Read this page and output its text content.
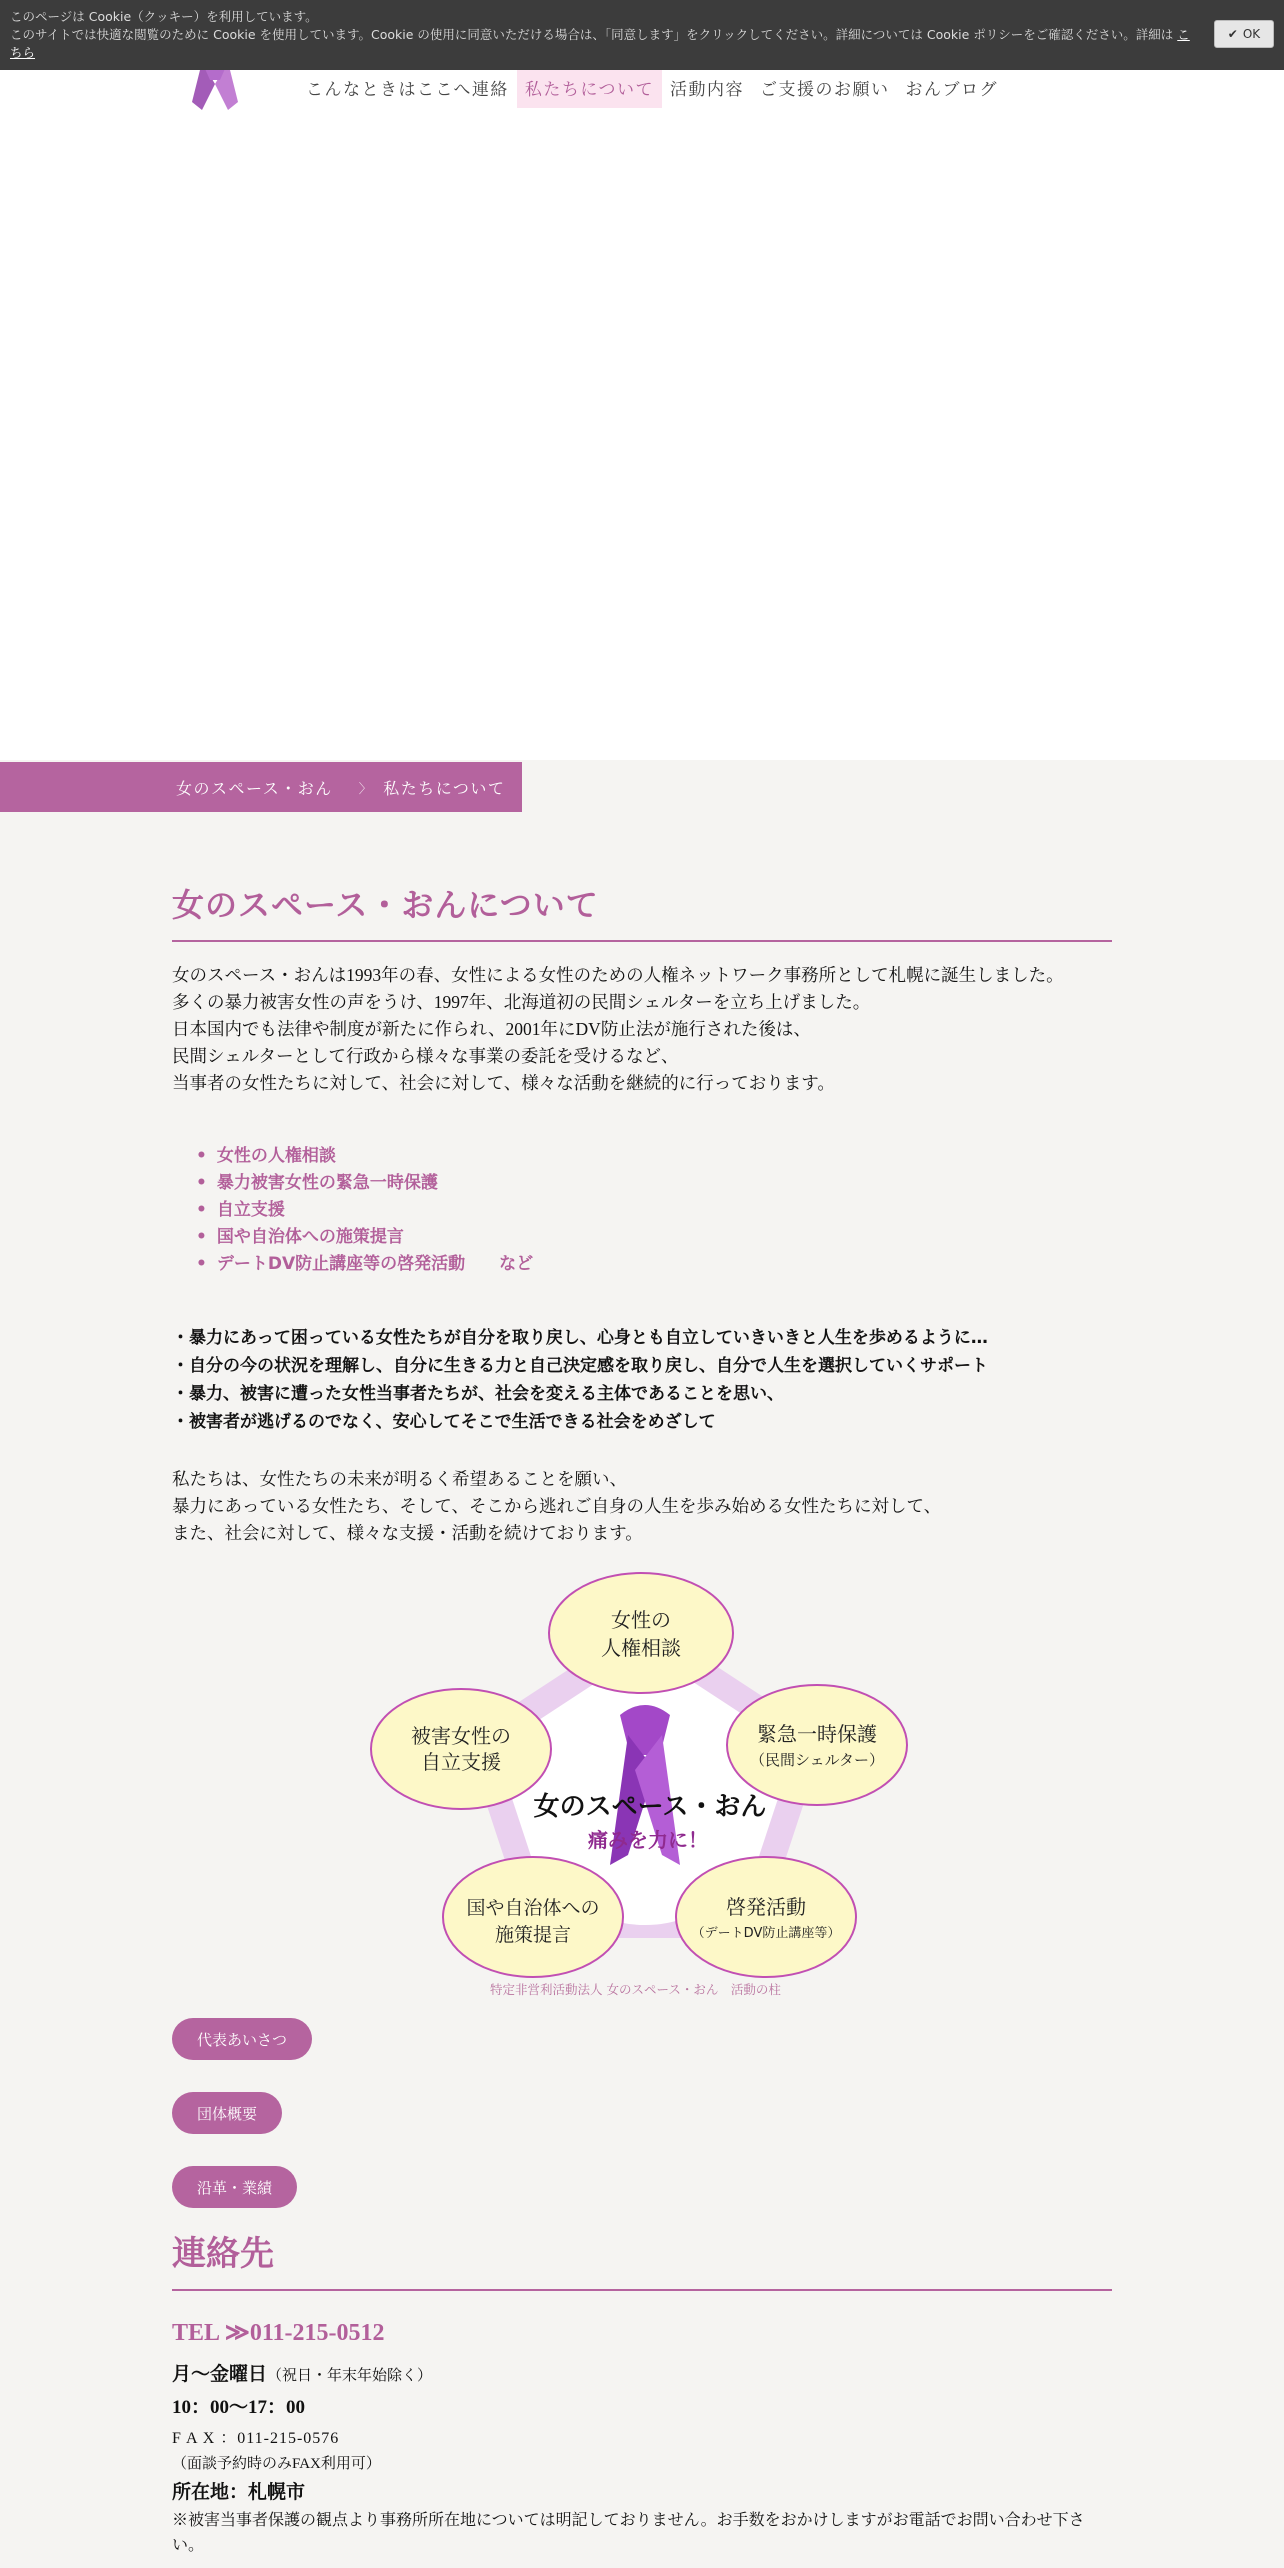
こんなときはここへ連絡 私たちについて 活動内容 ご支援のお願い おんブログ
このページは Cookie（クッキー）を利用しています。
このサイトでは快適な閲覧のために Cookie を使用しています。Cookie の使用に同意いただける場合は、「同意します」をクリックしてください。詳細については Cookie ポリシーをご確認ください。詳細は こちら
✔ OK
女のスペース・おん 〉 私たちについて
女のスペース・おんについて
女のスペース・おんは1993年の春、女性による女性のための人権ネットワーク事務所として札幌に誕生しました。
多くの暴力被害女性の声をうけ、1997年、北海道初の民間シェルターを立ち上げました。
日本国内でも法律や制度が新たに作られ、2001年にDV防止法が施行された後は、
民間シェルターとして行政から様々な事業の委託を受けるなど、
当事者の女性たちに対して、社会に対して、様々な活動を継続的に行っております。
• 女性の人権相談
• 暴力被害女性の緊急一時保護
• 自立支援
• 国や自治体への施策提言
• デートDV防止講座等の啓発活動　　など
・暴力にあって困っている女性たちが自分を取り戻し、心身とも自立していきいきと人生を歩めるように…
・自分の今の状況を理解し、自分に生きる力と自己決定感を取り戻し、自分で人生を選択していくサポート
・暴力、被害に遭った女性当事者たちが、社会を変える主体であることを思い、
・被害者が逃げるのでなく、安心してそこで生活できる社会をめざして
私たちは、女性たちの未来が明るく希望あることを願い、
暴力にあっている女性たち、そして、そこから逃れご自身の人生を歩み始める女性たちに対して、
また、社会に対して、様々な支援・活動を続けております。
女のスペース・おん
痛みを力に！
女性の
人権相談
緊急一時保護
（民間シェルター）
啓発活動
（デートDV防止講座等）
国や自治体への
施策提言
被害女性の
自立支援
特定非営利活動法人 女のスペース・おん　活動の柱
代表あいさつ
団体概要
沿革・業績
連絡先
TEL ≫011-215-0512
月～金曜日（祝日・年末年始除く）
10：00～17：00
F A X ：011-215-0576
（面談予約時のみFAX利用可）
所在地：札幌市
※被害当事者保護の観点より事務所所在地については明記しておりません。お手数をおかけしますがお電話でお問い合わせ下さい。
